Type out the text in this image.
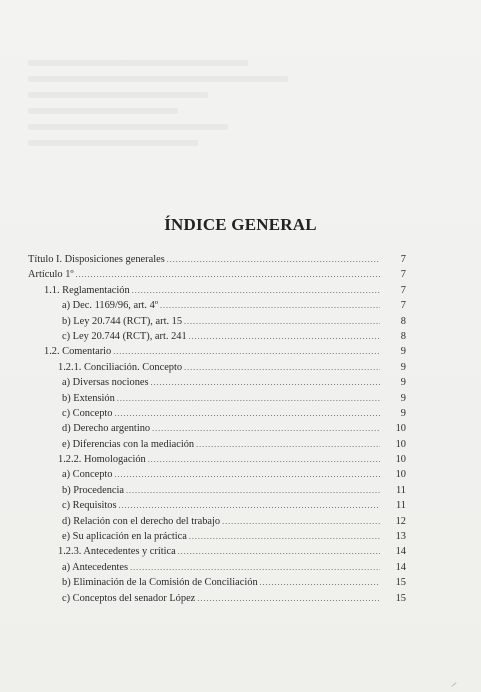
ÍNDICE GENERAL
Título I. Disposiciones generales .....	7
Artículo 1º .....	7
1.1. Reglamentación .....	7
a) Dec. 1169/96, art. 4º .....	7
b) Ley 20.744 (RCT), art. 15 .....	8
c) Ley 20.744 (RCT), art. 241 .....	8
1.2. Comentario .....	9
1.2.1. Conciliación. Concepto .....	9
a) Diversas nociones .....	9
b) Extensión .....	9
c) Concepto .....	9
d) Derecho argentino .....	10
e) Diferencias con la mediación .....	10
1.2.2. Homologación .....	10
a) Concepto .....	10
b) Procedencia .....	11
c) Requisitos .....	11
d) Relación con el derecho del trabajo .....	12
e) Su aplicación en la práctica .....	13
1.2.3. Antecedentes y crítica .....	14
a) Antecedentes .....	14
b) Eliminación de la Comisión de Conciliación .....	15
c) Conceptos del senador López .....	15
